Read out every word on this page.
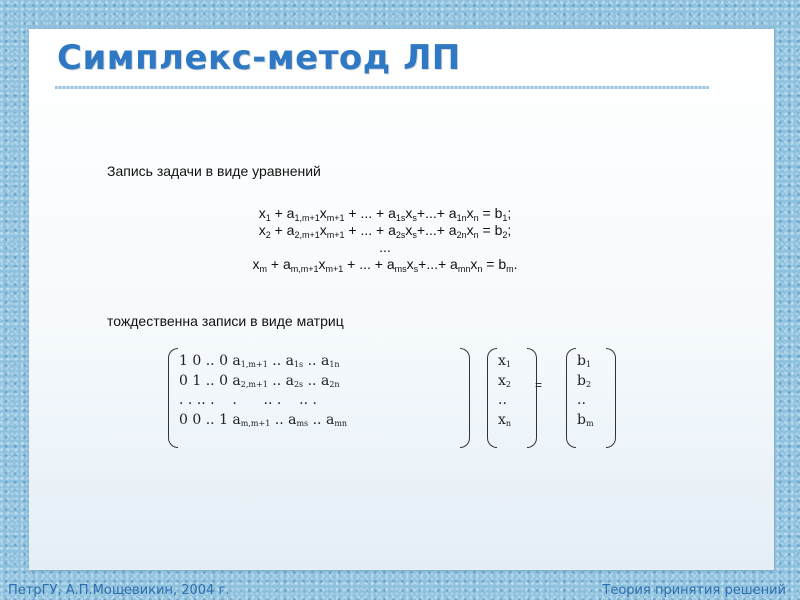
Симплекс-метод ЛП
Запись задачи в виде уравнений
$x_1 + a_{1,m+1}x_{m+1}$ + ... + $a_{1s}x_s+...+ a_{1n}x_n = b_1$;
$x_2 + a_{2,m+1}x_{m+1}$ + ... + $a_{2s}x_s+...+ a_{2n}x_n = b_2$;
...
$x_m + a_{m,m+1}x_{m+1}$ + ... + $a_{ms}x_s+...+ a_{mn}x_n = b_m$.
тождественна записи в виде матриц
1 0 .. 0 $a_{1,m+1}$ .. $a_{1s}$ .. $a_{1n}$
0 1 .. 0 $a_{2,m+1}$ .. $a_{2s}$ .. $a_{2n}$
. . .. .    .      .. .    .. .
0 0 .. 1 $a_{m,m+1}$ .. $a_{ms}$ .. $a_{mn}$
$x_1$
$x_2$
..
$x_n$
=
$b_1$
$b_2$
..
$b_m$
ПетрГУ, А.П.Мощевикин, 2004 г.	Теория принятия решений
